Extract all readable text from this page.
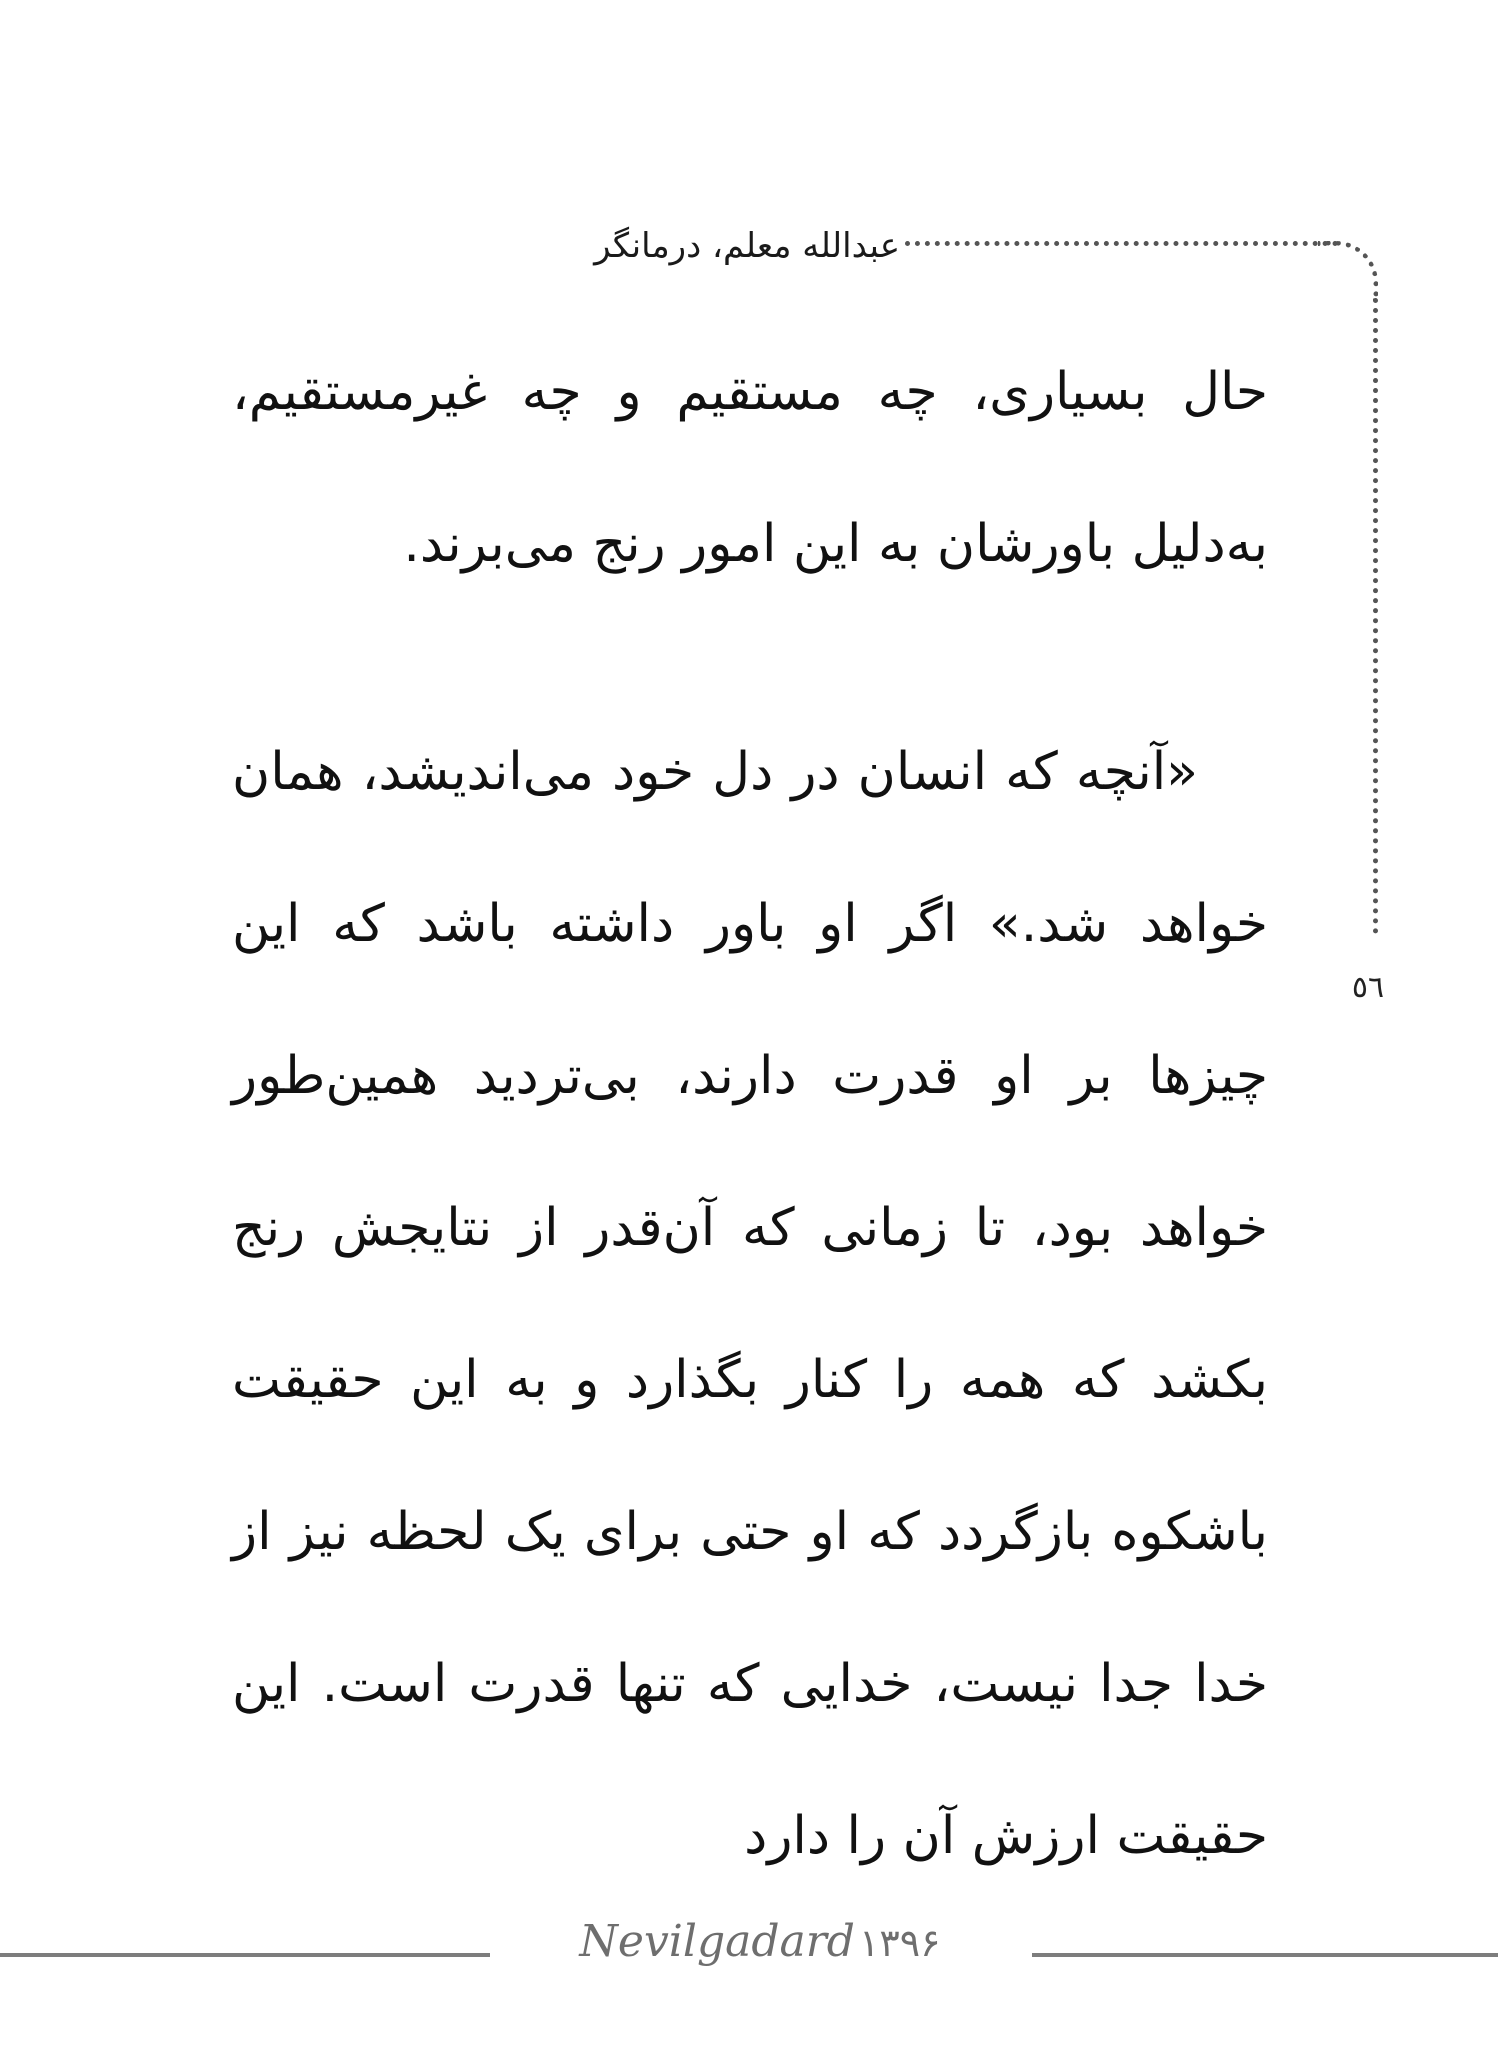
عبدالله معلم، درمانگر
٥٦

حال بسیاری، چه مستقیم و چه غیرمستقیم، به‌دلیل باورشان به این امور رنج می‌برند.

«آنچه که انسان در دل خود می‌اندیشد، همان خواهد شد.» اگر او باور داشته باشد که این چیزها بر او قدرت دارند، بی‌تردید همین‌طور خواهد بود، تا زمانی که آن‌قدر از نتایجش رنج بکشد که همه را کنار بگذارد و به این حقیقت باشکوه بازگردد که او حتی برای یک لحظه نیز از خدا جدا نیست، خدایی که تنها قدرت است. این حقیقت ارزش آن را دارد

Nevilgadard ۱۳۹۶
